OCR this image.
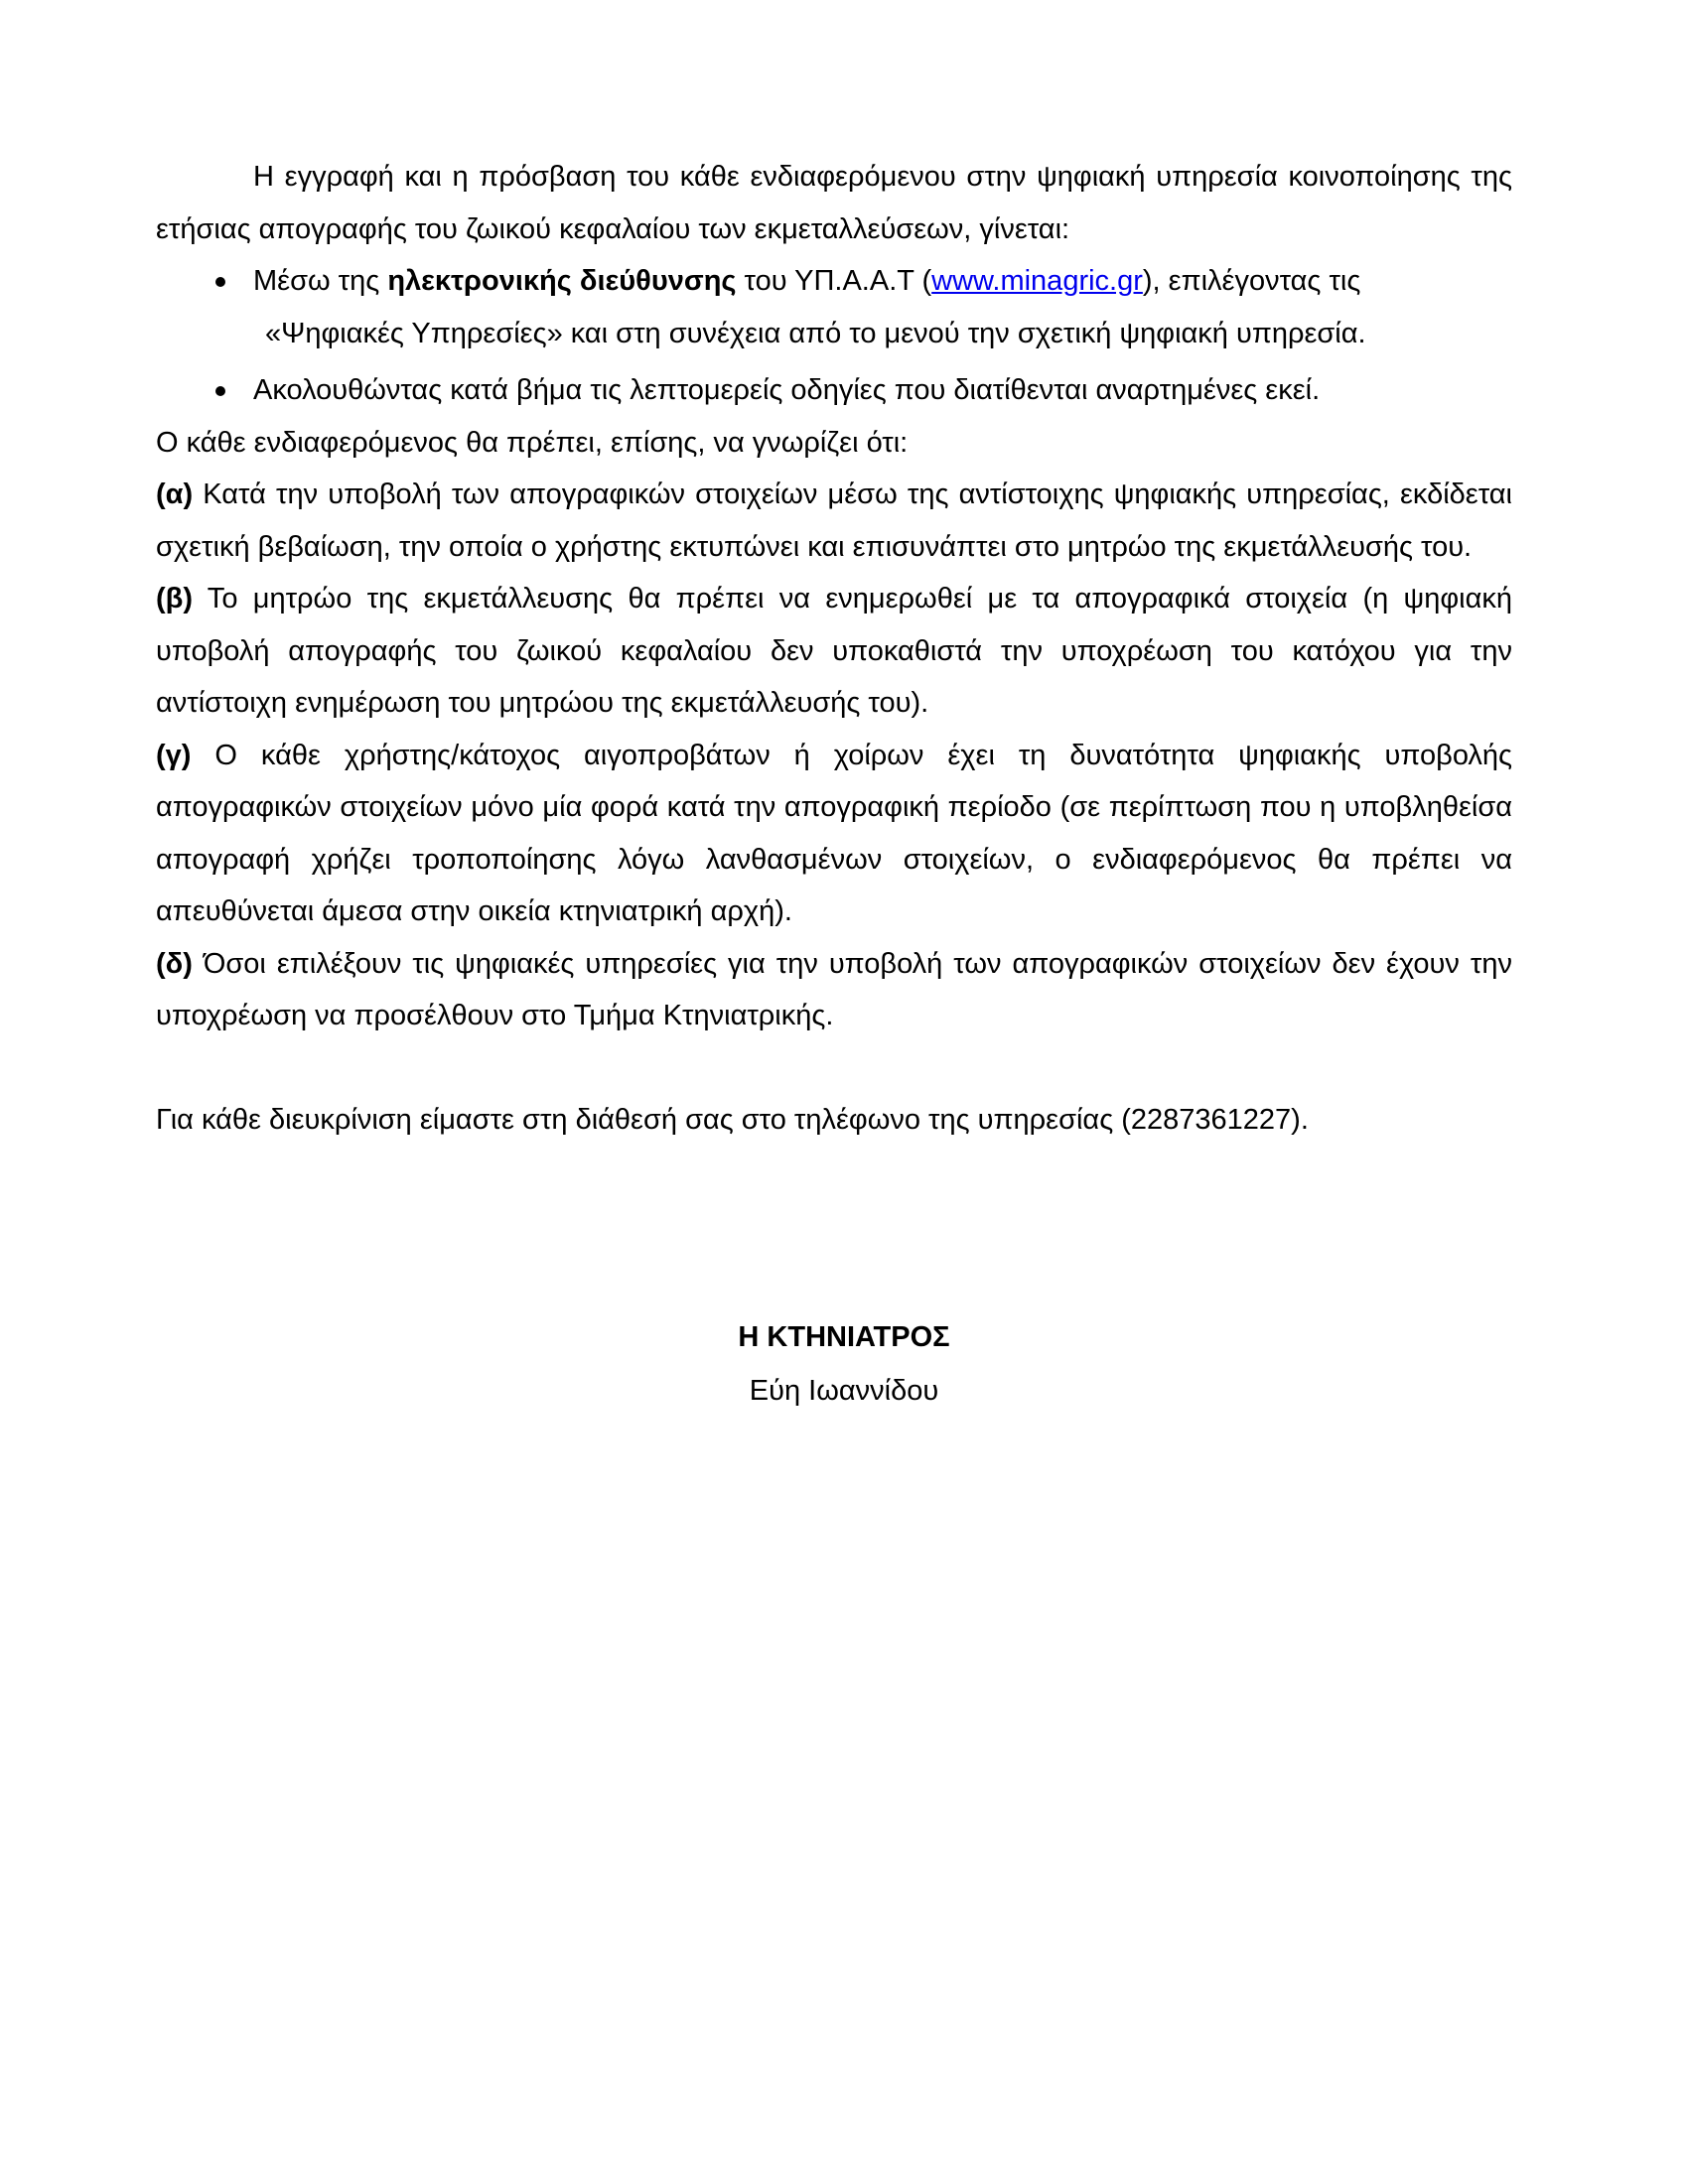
Η εγγραφή και η πρόσβαση του κάθε ενδιαφερόμενου στην ψηφιακή υπηρεσία κοινοποίησης της ετήσιας απογραφής του ζωικού κεφαλαίου των εκμεταλλεύσεων, γίνεται:

Μέσω της ηλεκτρονικής διεύθυνσης του ΥΠ.Α.Α.Τ (www.minagric.gr), επιλέγοντας τις
«Ψηφιακές Υπηρεσίες» και στη συνέχεια από το μενού την σχετική ψηφιακή υπηρεσία.
Ακολουθώντας κατά βήμα τις λεπτομερείς οδηγίες που διατίθενται αναρτημένες εκεί.

Ο κάθε ενδιαφερόμενος θα πρέπει, επίσης, να γνωρίζει ότι:

(α) Κατά την υποβολή των απογραφικών στοιχείων μέσω της αντίστοιχης ψηφιακής υπηρεσίας, εκδίδεται σχετική βεβαίωση, την οποία ο χρήστης εκτυπώνει και επισυνάπτει στο μητρώο της εκμετάλλευσής του.

(β) Το μητρώο της εκμετάλλευσης θα πρέπει να ενημερωθεί με τα απογραφικά στοιχεία (η ψηφιακή υποβολή απογραφής του ζωικού κεφαλαίου δεν υποκαθιστά την υποχρέωση του κατόχου για την αντίστοιχη ενημέρωση του μητρώου της εκμετάλλευσής του).

(γ) Ο κάθε χρήστης/κάτοχος αιγοπροβάτων ή χοίρων έχει τη δυνατότητα ψηφιακής υποβολής απογραφικών στοιχείων μόνο μία φορά κατά την απογραφική περίοδο (σε περίπτωση που η υποβληθείσα απογραφή χρήζει τροποποίησης λόγω λανθασμένων στοιχείων, ο ενδιαφερόμενος θα πρέπει να απευθύνεται άμεσα στην οικεία κτηνιατρική αρχή).

(δ) Όσοι επιλέξουν τις ψηφιακές υπηρεσίες για την υποβολή των απογραφικών στοιχείων δεν έχουν την υποχρέωση να προσέλθουν στο Τμήμα Κτηνιατρικής.

Για κάθε διευκρίνιση είμαστε στη διάθεσή σας στο τηλέφωνο της υπηρεσίας (2287361227).

Η ΚΤΗΝΙΑΤΡΟΣ
Εύη Ιωαννίδου
